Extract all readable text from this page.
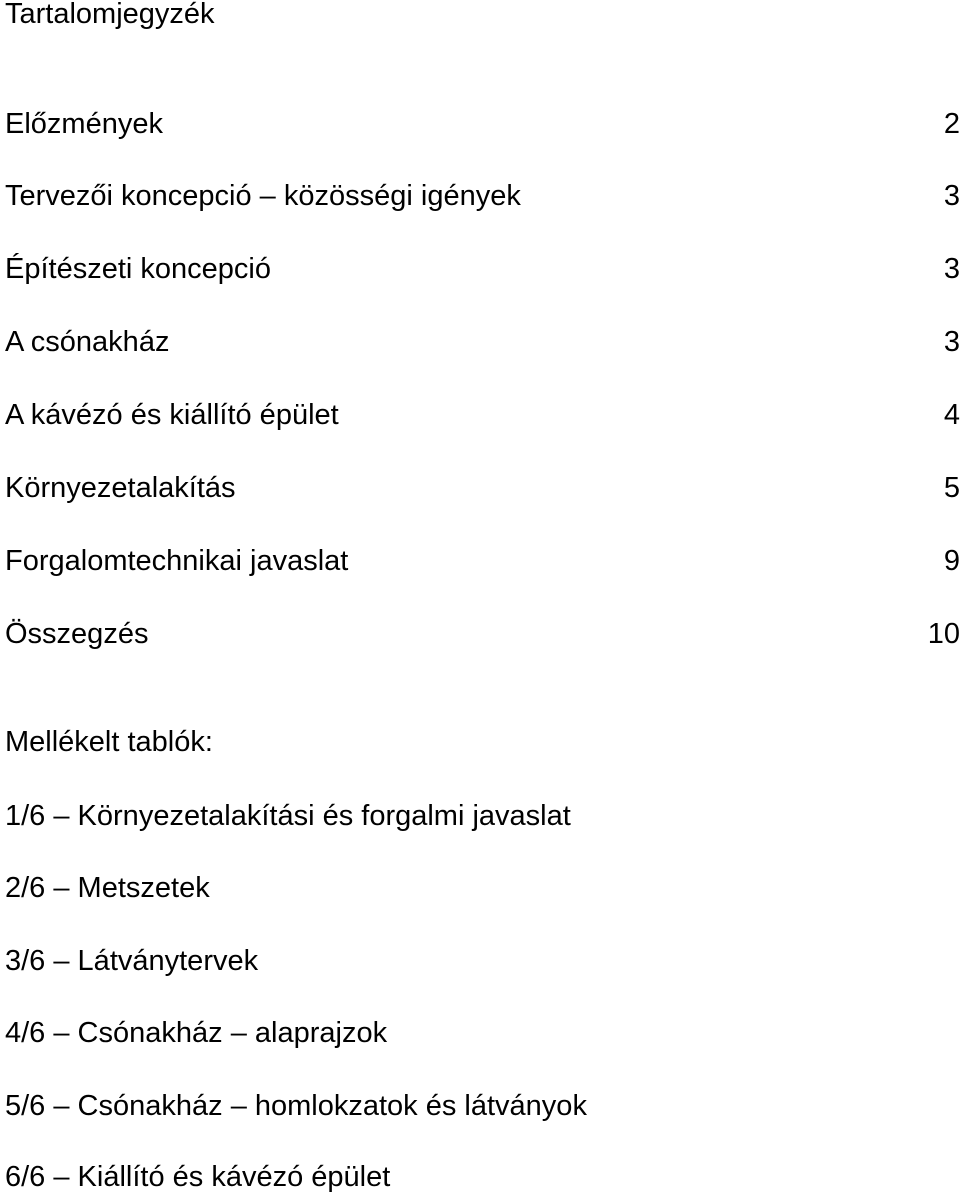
Tartalomjegyzék
Előzmények	2
Tervezői koncepció – közösségi igények	3
Építészeti koncepció	3
A csónakház	3
A kávézó és kiállító épület	4
Környezetalakítás	5
Forgalomtechnikai javaslat	9
Összegzés	10
Mellékelt tablók:
1/6 – Környezetalakítási és forgalmi javaslat
2/6 – Metszetek
3/6 – Látványtervek
4/6 – Csónakház – alaprajzok
5/6 – Csónakház – homlokzatok és látványok
6/6 – Kiállító és kávézó épület
